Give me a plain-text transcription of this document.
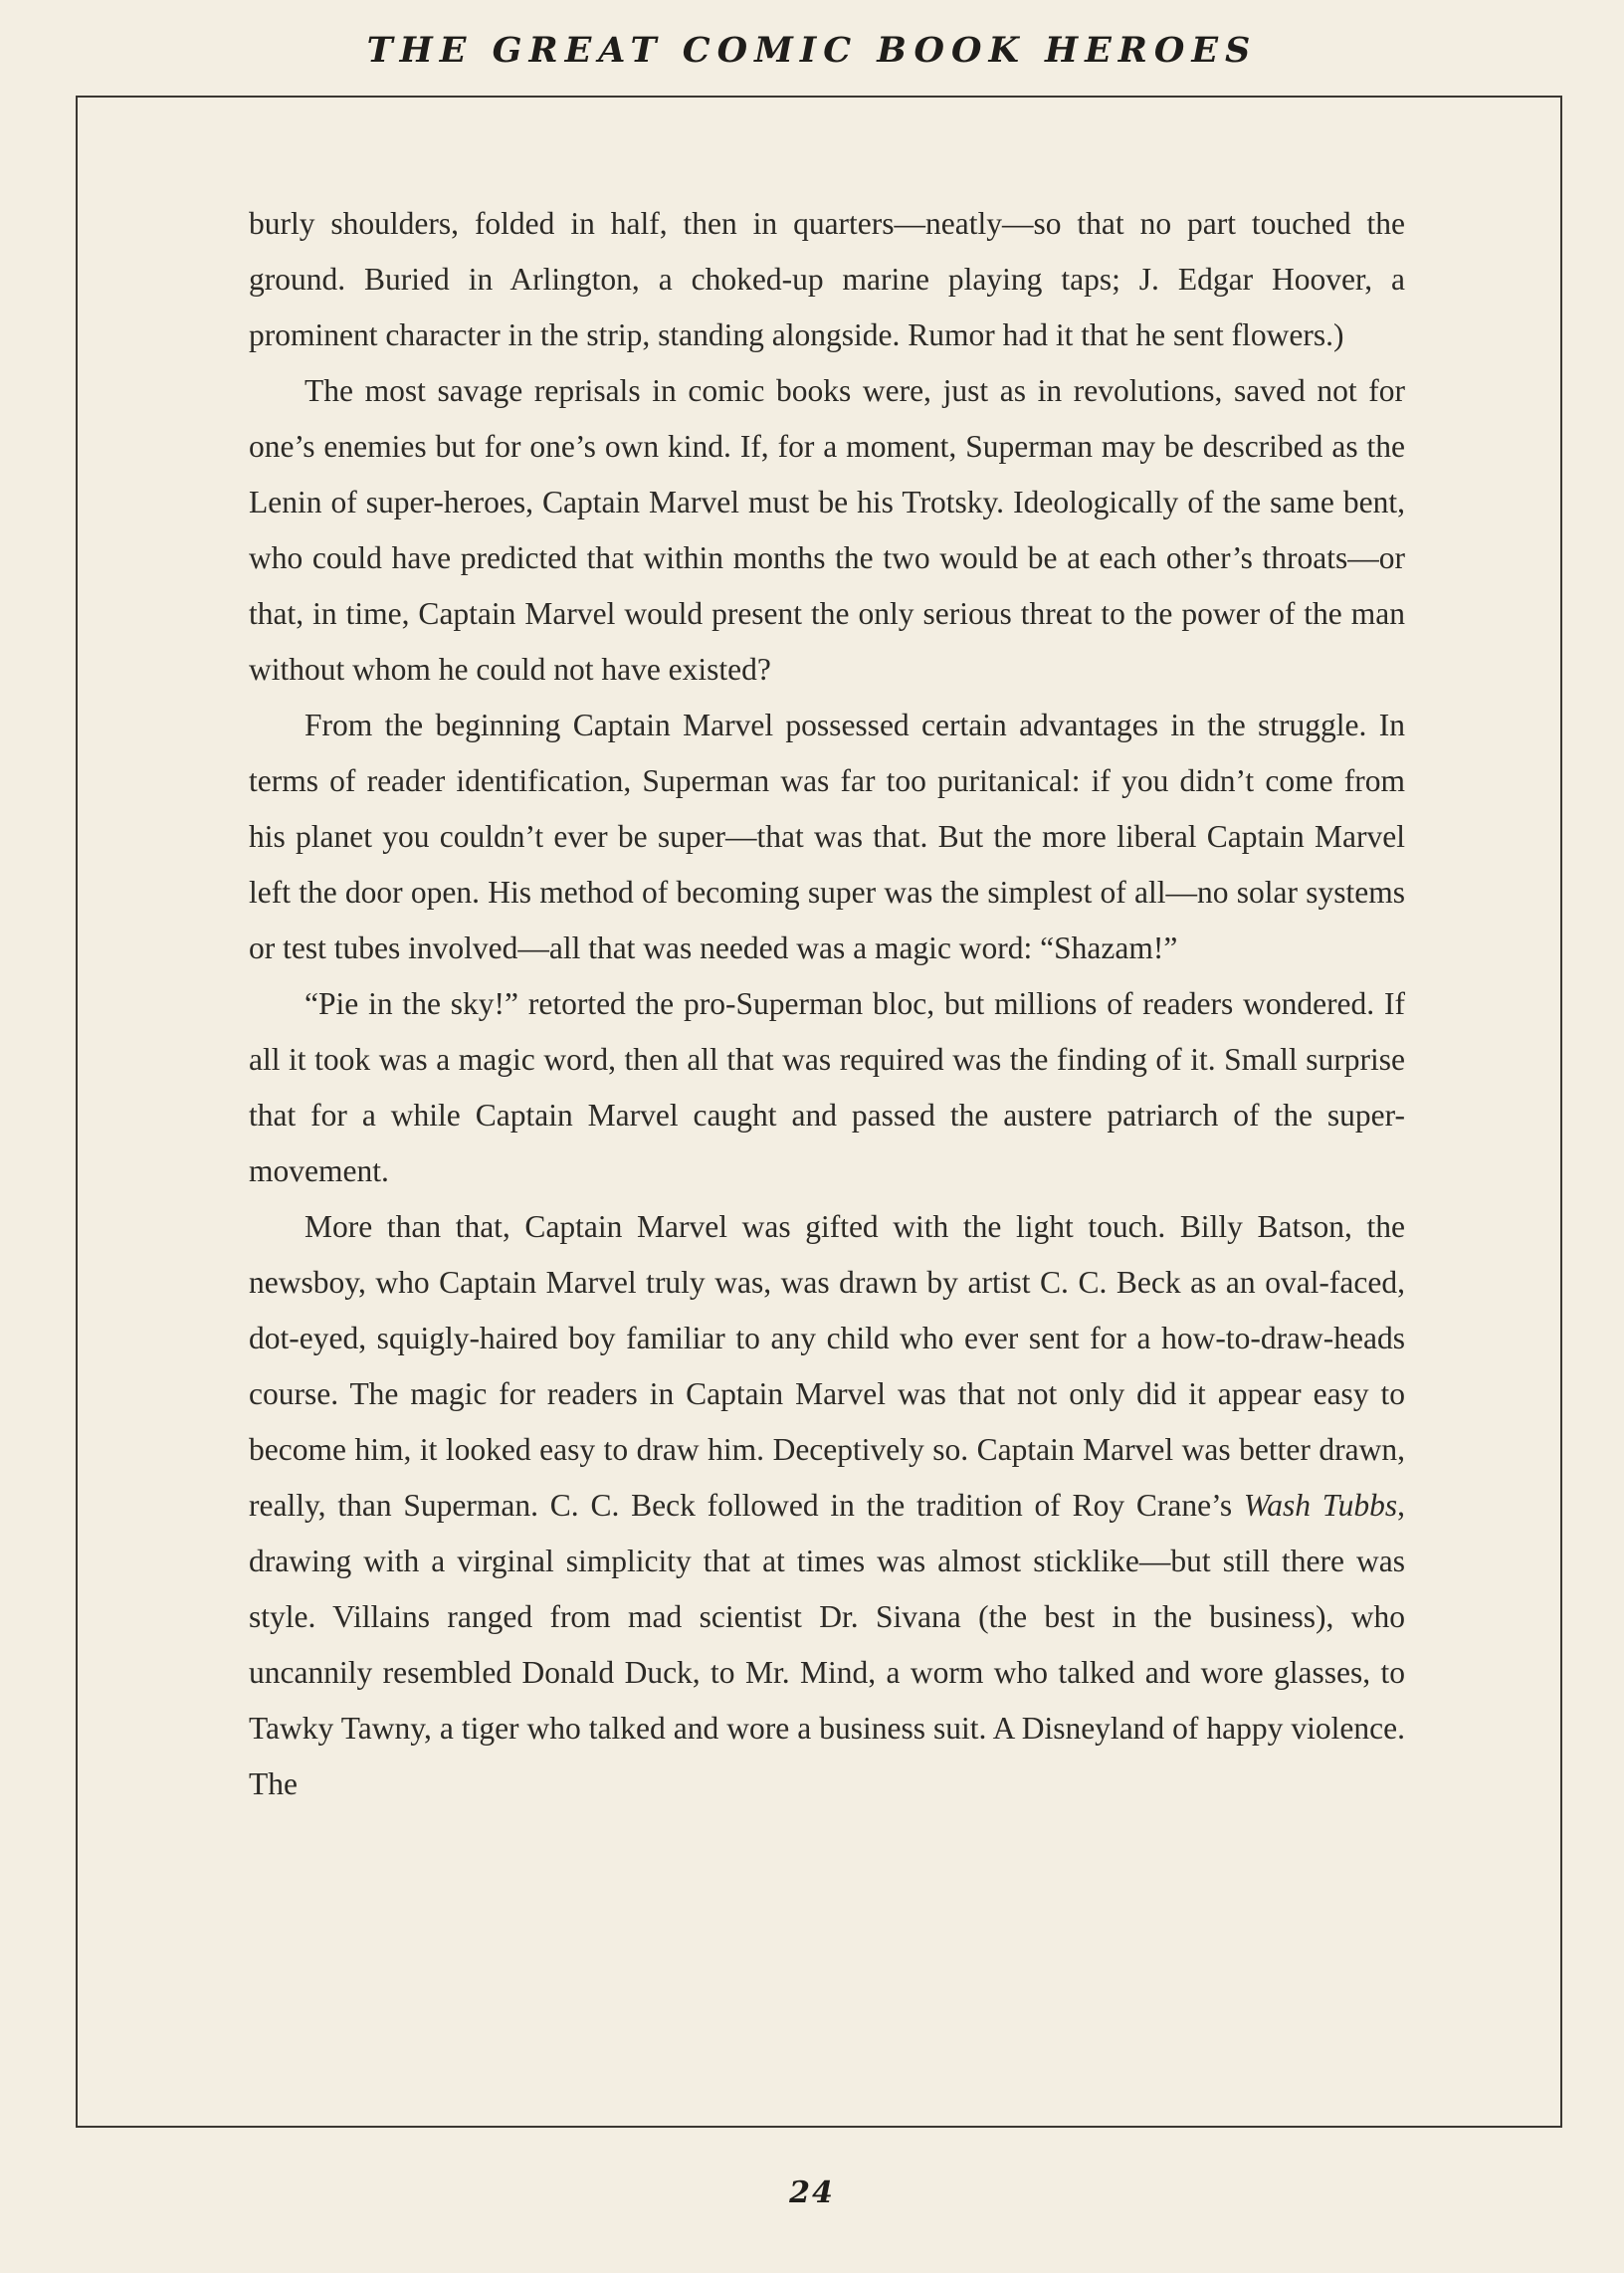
THE GREAT COMIC BOOK HEROES

burly shoulders, folded in half, then in quarters—neatly—so that no part touched the ground. Buried in Arlington, a choked-up marine playing taps; J. Edgar Hoover, a prominent character in the strip, standing alongside. Rumor had it that he sent flowers.)

The most savage reprisals in comic books were, just as in revolutions, saved not for one’s enemies but for one’s own kind. If, for a moment, Superman may be described as the Lenin of super-heroes, Captain Marvel must be his Trotsky. Ideologically of the same bent, who could have predicted that within months the two would be at each other’s throats—or that, in time, Captain Marvel would present the only serious threat to the power of the man without whom he could not have existed?

From the beginning Captain Marvel possessed certain advantages in the struggle. In terms of reader identification, Superman was far too puritanical: if you didn’t come from his planet you couldn’t ever be super—that was that. But the more liberal Captain Marvel left the door open. His method of becoming super was the simplest of all—no solar systems or test tubes involved—all that was needed was a magic word: “Shazam!”

“Pie in the sky!” retorted the pro-Superman bloc, but millions of readers wondered. If all it took was a magic word, then all that was required was the finding of it. Small surprise that for a while Captain Marvel caught and passed the austere patriarch of the super-movement.

More than that, Captain Marvel was gifted with the light touch. Billy Batson, the newsboy, who Captain Marvel truly was, was drawn by artist C. C. Beck as an oval-faced, dot-eyed, squigly-haired boy familiar to any child who ever sent for a how-to-draw-heads course. The magic for readers in Captain Marvel was that not only did it appear easy to become him, it looked easy to draw him. Deceptively so. Captain Marvel was better drawn, really, than Superman. C. C. Beck followed in the tradition of Roy Crane’s Wash Tubbs, drawing with a virginal simplicity that at times was almost sticklike—but still there was style. Villains ranged from mad scientist Dr. Sivana (the best in the business), who uncannily resembled Donald Duck, to Mr. Mind, a worm who talked and wore glasses, to Tawky Tawny, a tiger who talked and wore a business suit. A Disneyland of happy violence. The

24
